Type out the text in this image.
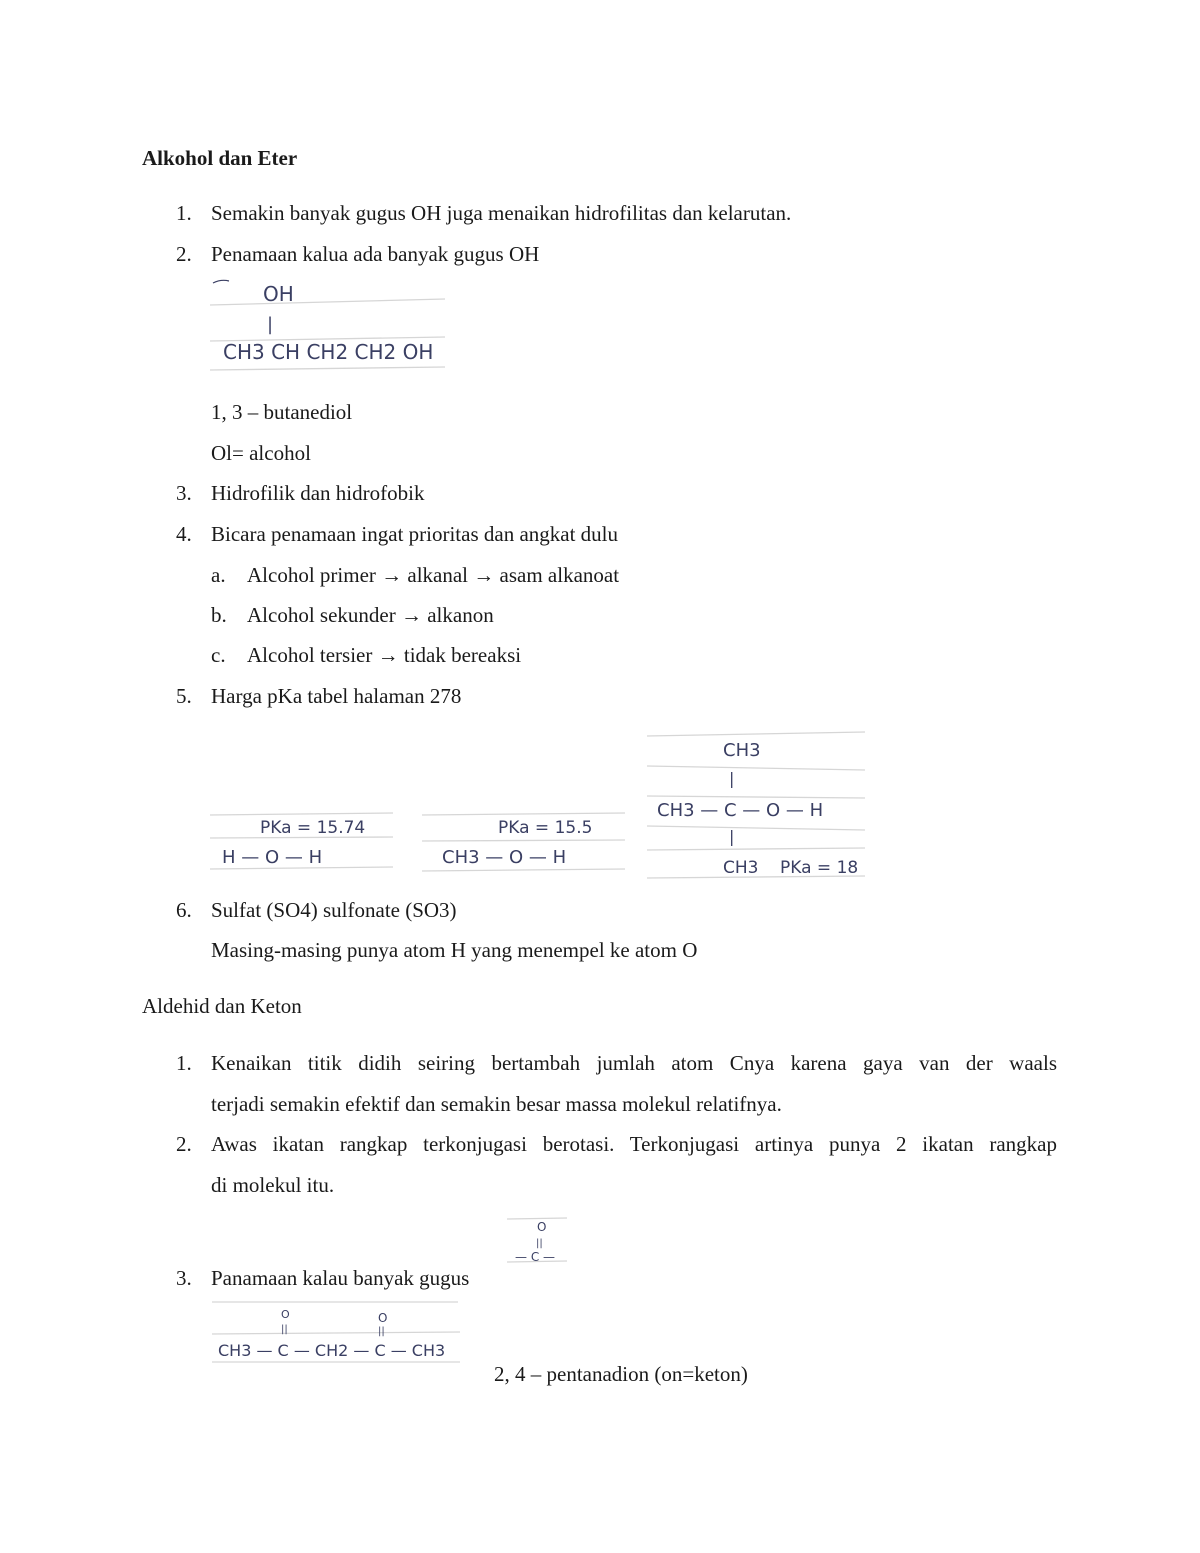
Alkohol dan Eter
1. Semakin banyak gugus OH juga menaikan hidrofilitas dan kelarutan.
2. Penamaan kalua ada banyak gugus OH
OH
|
CH3 CH CH2 CH2 OH
1, 3 – butanediol
Ol= alcohol
3. Hidrofilik dan hidrofobik
4. Bicara penamaan ingat prioritas dan angkat dulu
a. Alcohol primer → alkanal → asam alkanoat
b. Alcohol sekunder → alkanon
c. Alcohol tersier → tidak bereaksi
5. Harga pKa tabel halaman 278
PKa = 15.74
H — O — H
PKa = 15.5
CH3 — O — H
CH3
|
CH3 — C — O — H
|
CH3 PKa = 18
6. Sulfat (SO4) sulfonate (SO3)
Masing-masing punya atom H yang menempel ke atom O
Aldehid dan Keton
1. Kenaikan titik didih seiring bertambah jumlah atom Cnya karena gaya van der waals
terjadi semakin efektif dan semakin besar massa molekul relatifnya.
2. Awas ikatan rangkap terkonjugasi berotasi. Terkonjugasi artinya punya 2 ikatan rangkap
di molekul itu.
O
||
— C —
3. Panamaan kalau banyak gugus
O	O
||	||
CH3 — C — CH2 — C — CH3
2, 4 – pentanadion (on=keton)
